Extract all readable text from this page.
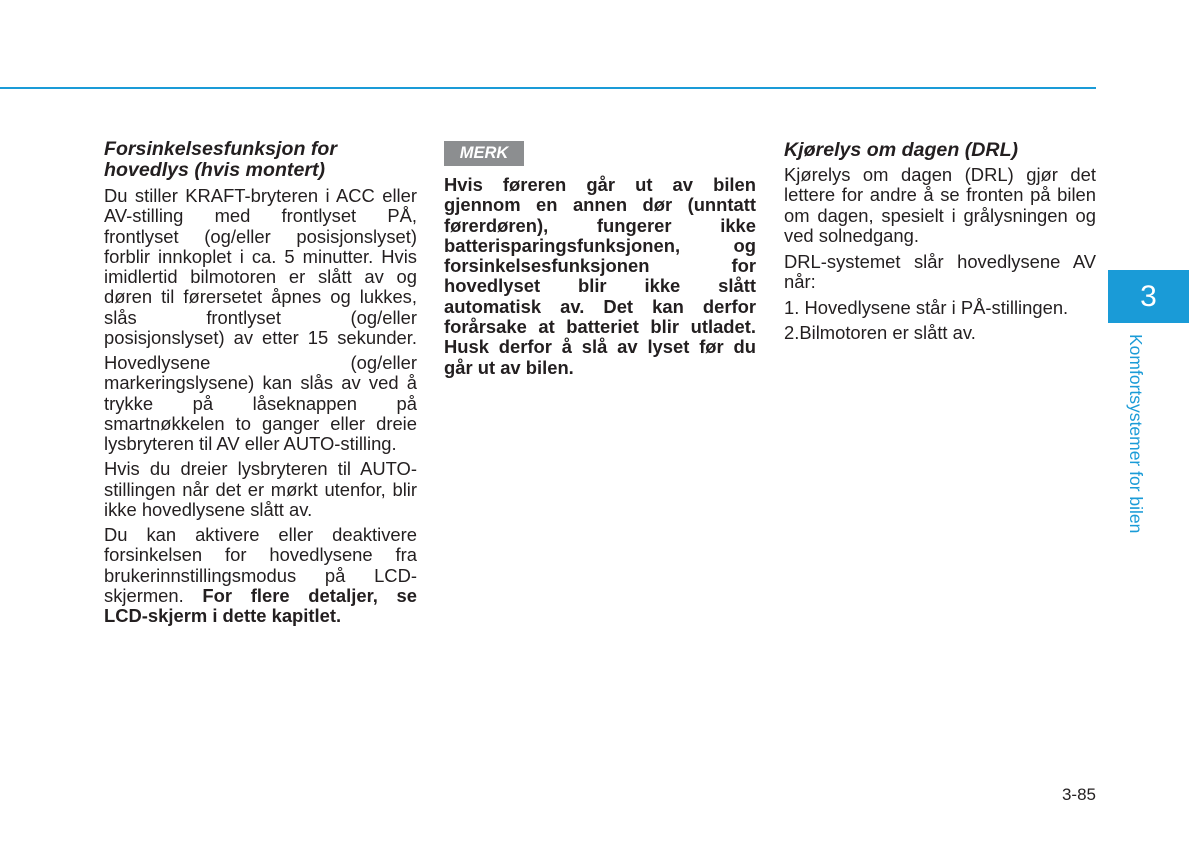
Forsinkelsesfunksjon for
hovedlys (hvis montert)

Du stiller KRAFT-bryteren i ACC eller
AV-stilling med frontlyset PÅ,
frontlyset (og/eller posisjonslyset)
forblir innkoplet i ca. 5 minutter. Hvis
imidlertid bilmotoren er slått av og
døren til førersetet åpnes og lukkes,
slås frontlyset (og/eller
posisjonslyset) av etter 15 sekunder.

Hovedlysene (og/eller
markeringslysene) kan slås av ved å
trykke på låseknappen på
smartnøkkelen to ganger eller dreie
lysbryteren til AV eller AUTO-stilling.

Hvis du dreier lysbryteren til AUTO-
stillingen når det er mørkt utenfor, blir
ikke hovedlysene slått av.

Du kan aktivere eller deaktivere
forsinkelsen for hovedlysene fra
brukerinnstillingsmodus på LCD-
skjermen. For flere detaljer, se
LCD-skjerm i dette kapitlet.

MERK
Hvis føreren går ut av bilen
gjennom en annen dør (unntatt
førerdøren), fungerer ikke
batterisparingsfunksjonen, og
forsinkelsesfunksjonen for
hovedlyset blir ikke slått
automatisk av. Det kan derfor
forårsake at batteriet blir utladet.
Husk derfor å slå av lyset før du
går ut av bilen.
Kjørelys om dagen (DRL)

Kjørelys om dagen (DRL) gjør det
lettere for andre å se fronten på bilen
om dagen, spesielt i grålysningen og
ved solnedgang.

DRL-systemet slår hovedlysene AV
når:

1. Hovedlysene står i PÅ-stillingen.

2.Bilmotoren er slått av.

3
Komfortsystemer for bilen
3-85
